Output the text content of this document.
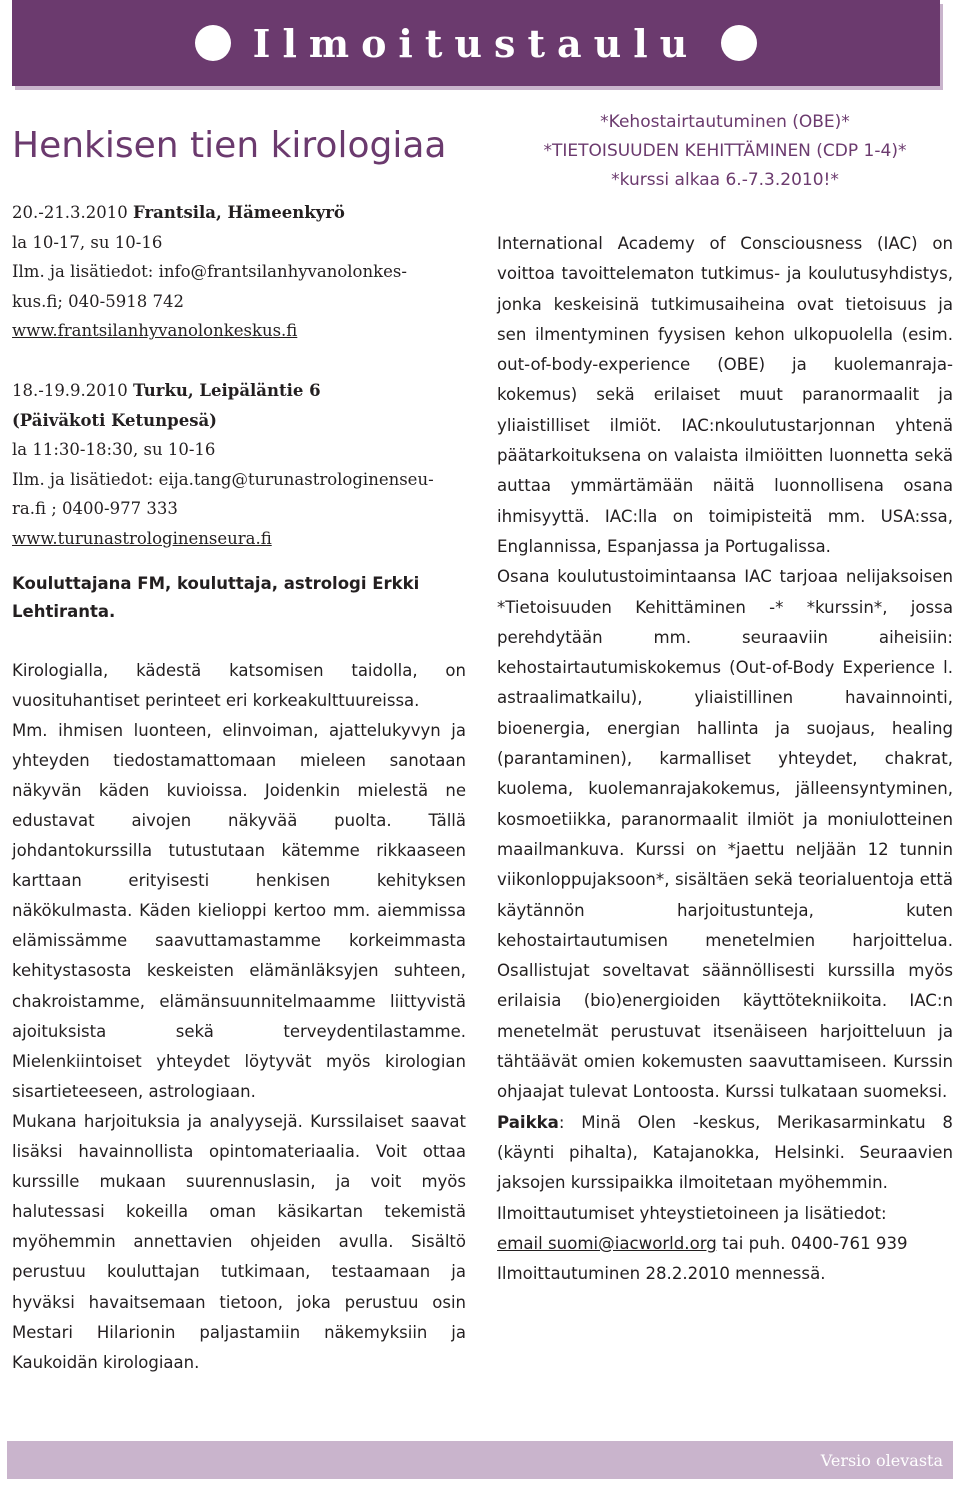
Ilmoitustaulu
Henkisen tien kirologiaa

20.-21.3.2010 Frantsila, Hämeenkyrö

la 10-17, su 10-16

Ilm. ja lisätiedot: info@frantsilanhyvanolonkes-

kus.fi; 040-5918 742

www.frantsilanhyvanolonkeskus.fi

18.-19.9.2010 Turku, Leipäläntie 6

(Päiväkoti Ketunpesä)

la 11:30-18:30, su 10-16

Ilm. ja lisätiedot: eija.tang@turunastrologinenseu-

ra.fi ; 0400-977 333

www.turunastrologinenseura.fi

Kouluttajana FM, kouluttaja, astrologi Erkki Lehtiranta.

Kirologialla, kädestä katsomisen taidolla, on vuosituhantiset perinteet eri korkeakulttuureissa.

Mm. ihmisen luonteen, elinvoiman, ajattelukyvyn ja yhteyden tiedostamattomaan mieleen sanotaan näkyvän käden kuvioissa. Joidenkin mielestä ne edustavat aivojen näkyvää puolta. Tällä johdantokurssilla tutustutaan kätemme rikkaaseen karttaan erityisesti henkisen kehityksen näkökulmasta. Käden kielioppi kertoo mm. aiemmissa elämissämme saavuttamastamme korkeimmasta kehitystasosta keskeisten elämänläksyjen suhteen, chakroistamme, elämänsuunnitelmaamme liittyvistä ajoituksista sekä terveydentilastamme. Mielenkiintoiset yhteydet löytyvät myös kirologian sisartieteeseen, astrologiaan.

Mukana harjoituksia ja analyysejä. Kurssilaiset saavat lisäksi havainnollista opintomateriaalia. Voit ottaa kurssille mukaan suurennuslasin, ja voit myös halutessasi kokeilla oman käsikartan tekemistä myöhemmin annettavien ohjeiden avulla. Sisältö perustuu kouluttajan tutkimaan, testaamaan ja hyväksi havaitsemaan tietoon, joka perustuu osin Mestari Hilarionin paljastamiin näkemyksiin ja Kaukoidän kirologiaan.

*Kehostairtautuminen (OBE)*
*TIETOISUUDEN KEHITTÄMINEN (CDP 1-4)*
*kurssi alkaa 6.-7.3.2010!*

International Academy of Consciousness (IAC) on voittoa tavoittelematon tutkimus- ja koulutusyhdistys, jonka keskeisinä tutkimusaiheina ovat tietoisuus ja sen ilmentyminen fyysisen kehon ulkopuolella (esim. out-of-body-experience (OBE) ja kuolemanraja-kokemus) sekä erilaiset muut paranormaalit ja yliaistilliset ilmiöt. IAC:nkoulutustarjonnan yhtenä päätarkoituksena on valaista ilmiöitten luonnetta sekä auttaa ymmärtämään näitä luonnollisena osana ihmisyyttä. IAC:lla on toimipisteitä mm. USA:ssa, Englannissa, Espanjassa ja Portugalissa.

Osana koulutustoimintaansa IAC tarjoaa nelijaksoisen *Tietoisuuden Kehittäminen -* *kurssin*, jossa perehdytään mm. seuraaviin aiheisiin: kehostairtautumiskokemus (Out-of-Body Experience l. astraalimatkailu), yliaistillinen havainnointi, bioenergia, energian hallinta ja suojaus, healing (parantaminen), karmalliset yhteydet, chakrat, kuolema, kuolemanrajakokemus, jälleensyntyminen, kosmoetiikka, paranormaalit ilmiöt ja moniulotteinen maailmankuva. Kurssi on *jaettu neljään 12 tunnin viikonloppujaksoon*, sisältäen sekä teorialuentoja että käytännön harjoitustunteja, kuten kehostairtautumisen menetelmien harjoittelua. Osallistujat soveltavat säännöllisesti kurssilla myös erilaisia (bio)energioiden käyttötekniikoita. IAC:n menetelmät perustuvat itsenäiseen harjoitteluun ja tähtäävät omien kokemusten saavuttamiseen. Kurssin ohjaajat tulevat Lontoosta. Kurssi tulkataan suomeksi.

Paikka: Minä Olen -keskus, Merikasarminkatu 8 (käynti pihalta), Katajanokka, Helsinki. Seuraavien jaksojen kurssipaikka ilmoitetaan myöhemmin.

Ilmoittautumiset yhteystietoineen ja lisätiedot:

email suomi@iacworld.org tai puh. 0400-761 939

Ilmoittautuminen 28.2.2010 mennessä.

Versio olevasta
